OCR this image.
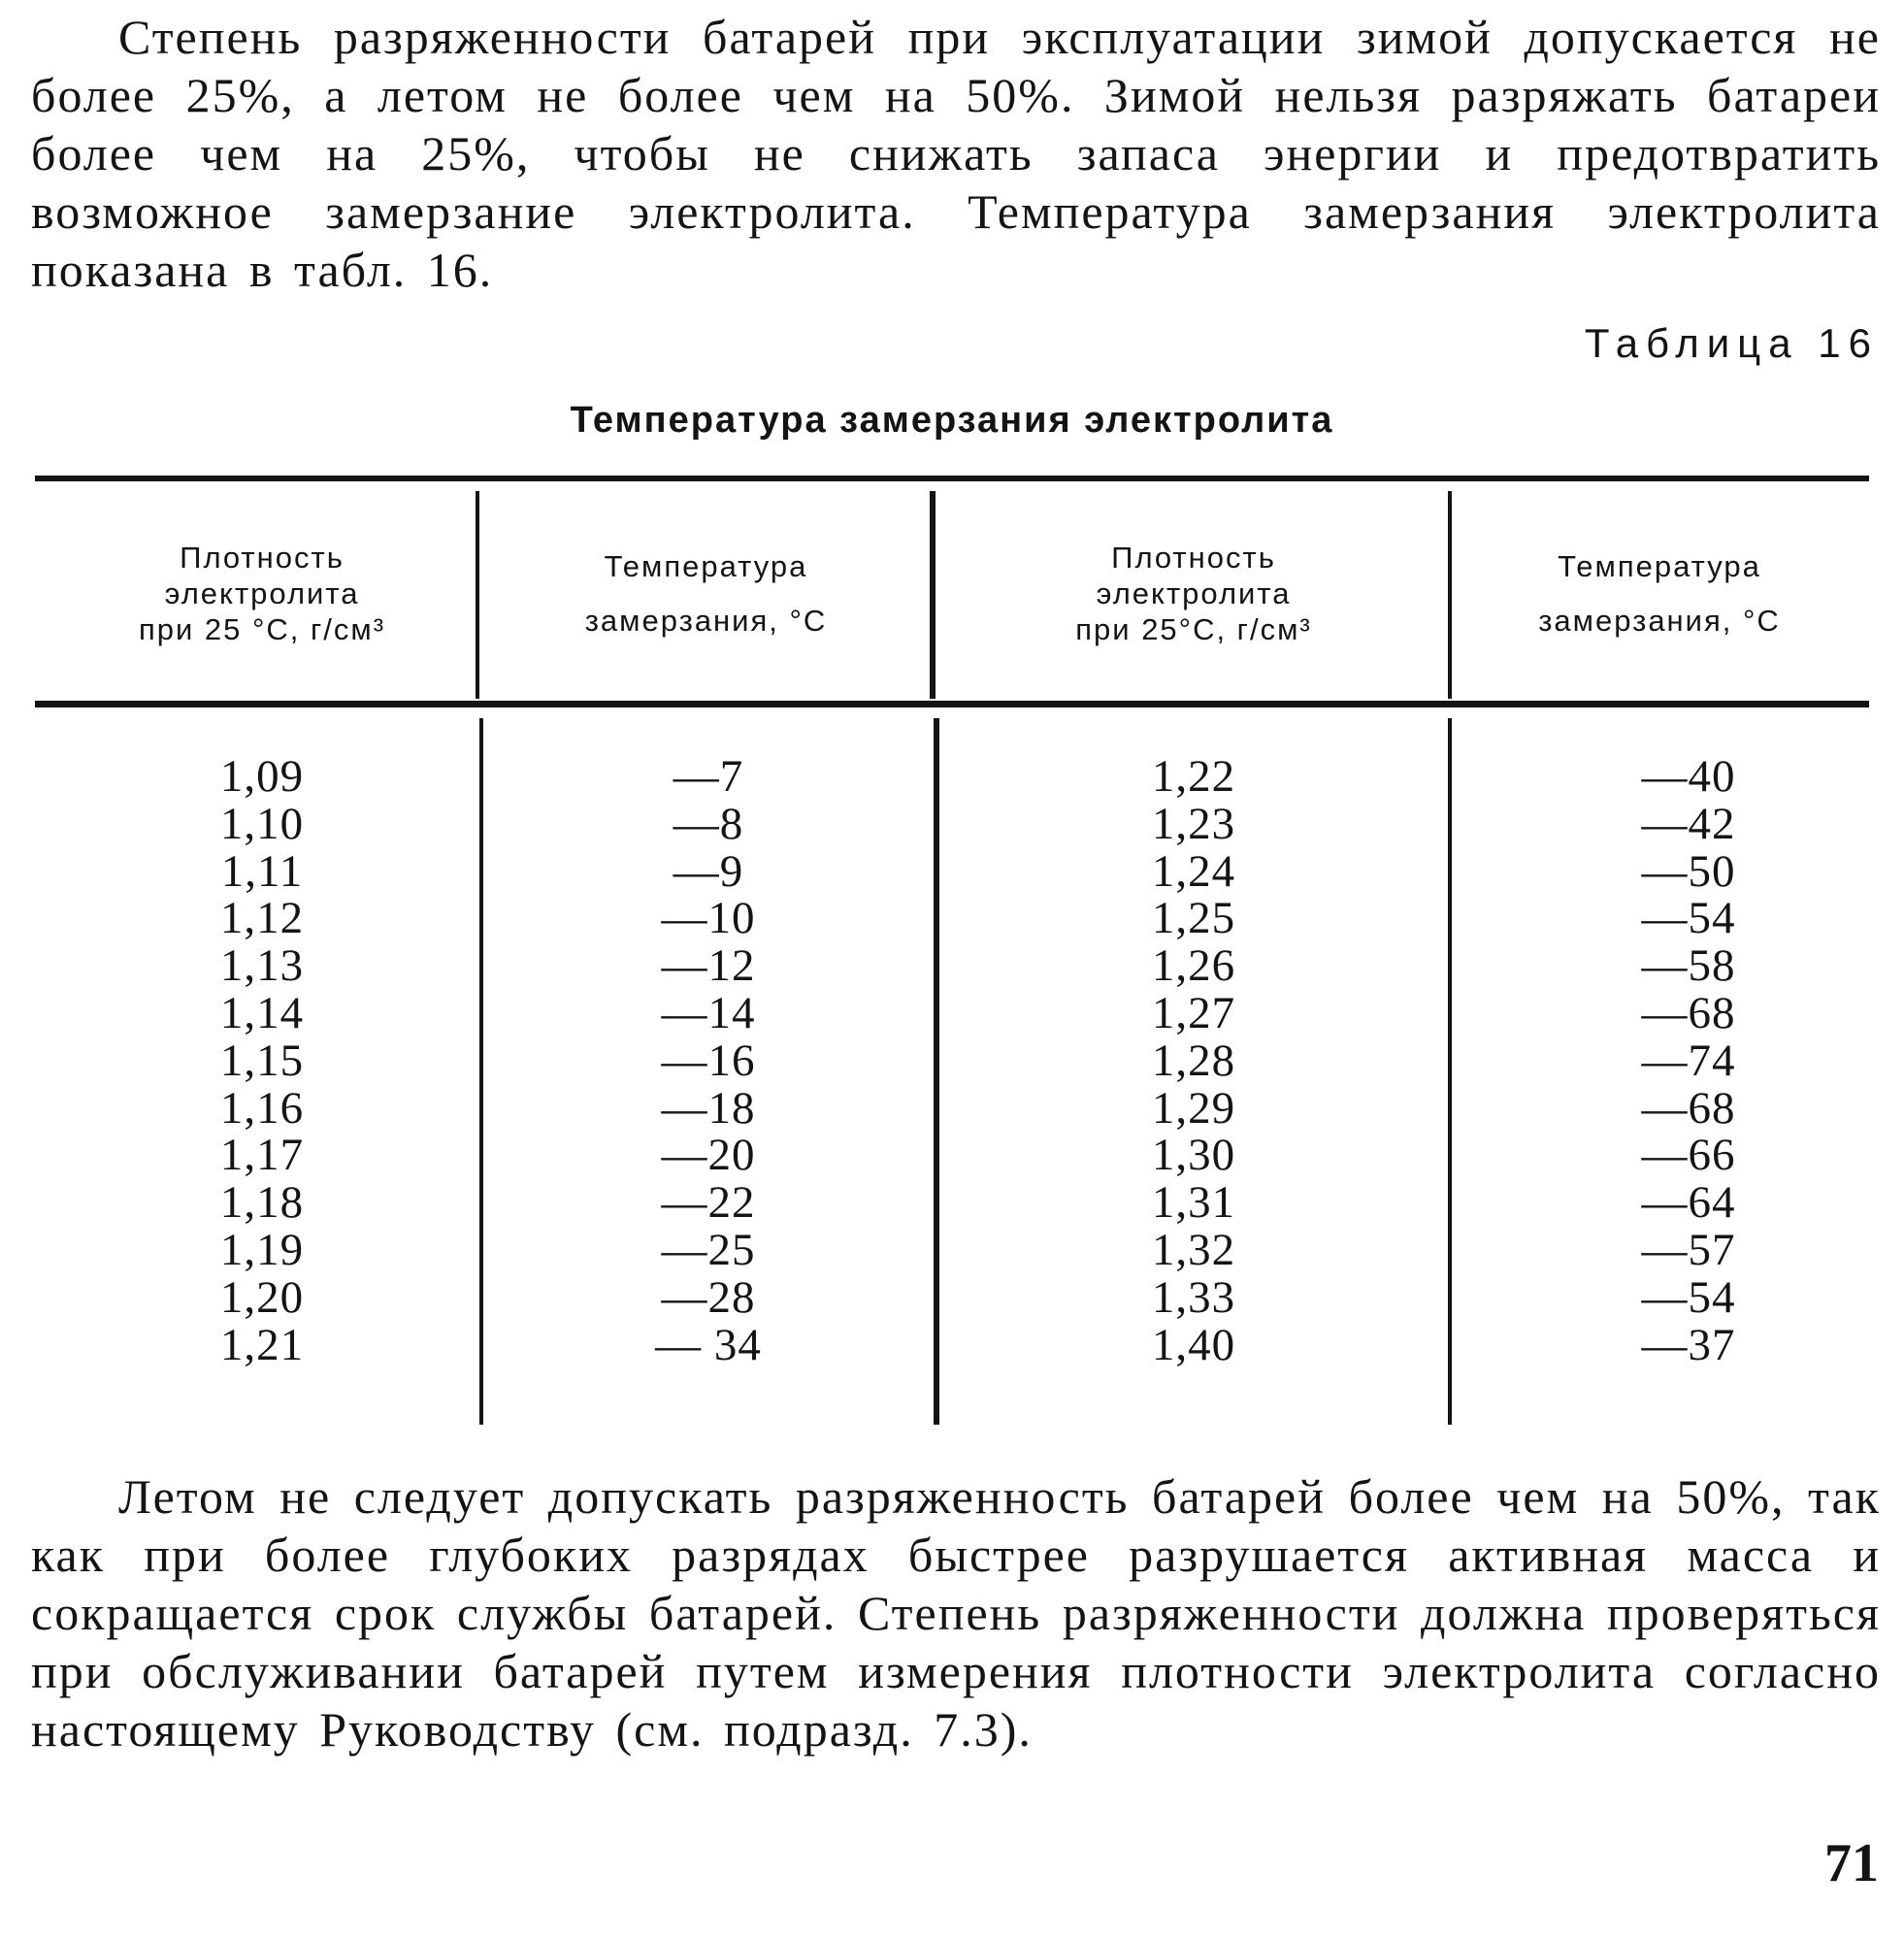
Степень разряженности батарей при эксплуатации зимой допускается не более 25%, а летом не более чем на 50%. Зимой нельзя разряжать батареи более чем на 25%, чтобы не снижать запаса энергии и предотвратить возможное замерзание электролита. Температура замерзания электролита показана в табл. 16.

Таблица 16
Температура замерзания электролита
Плотность
электролита
при 25 °С, г/см³
Температура
замерзания, °С
Плотность
электролита
при 25°С, г/см³
Температура
замерзания, °С
1,09
1,10
1,11
1,12
1,13
1,14
1,15
1,16
1,17
1,18
1,19
1,20
1,21
—7
—8
—9
—10
—12
—14
—16
—18
—20
—22
—25
—28
— 34
1,22
1,23
1,24
1,25
1,26
1,27
1,28
1,29
1,30
1,31
1,32
1,33
1,40
—40
—42
—50
—54
—58
—68
—74
—68
—66
—64
—57
—54
—37

Летом не следует допускать разряженность батарей более чем на 50%, так как при более глубоких разрядах быстрее разрушается активная масса и сокращается срок службы батарей. Степень разряженности должна проверяться при обслуживании батарей путем измерения плотности электролита согласно настоящему Руководству (см. подразд. 7.3).

71
